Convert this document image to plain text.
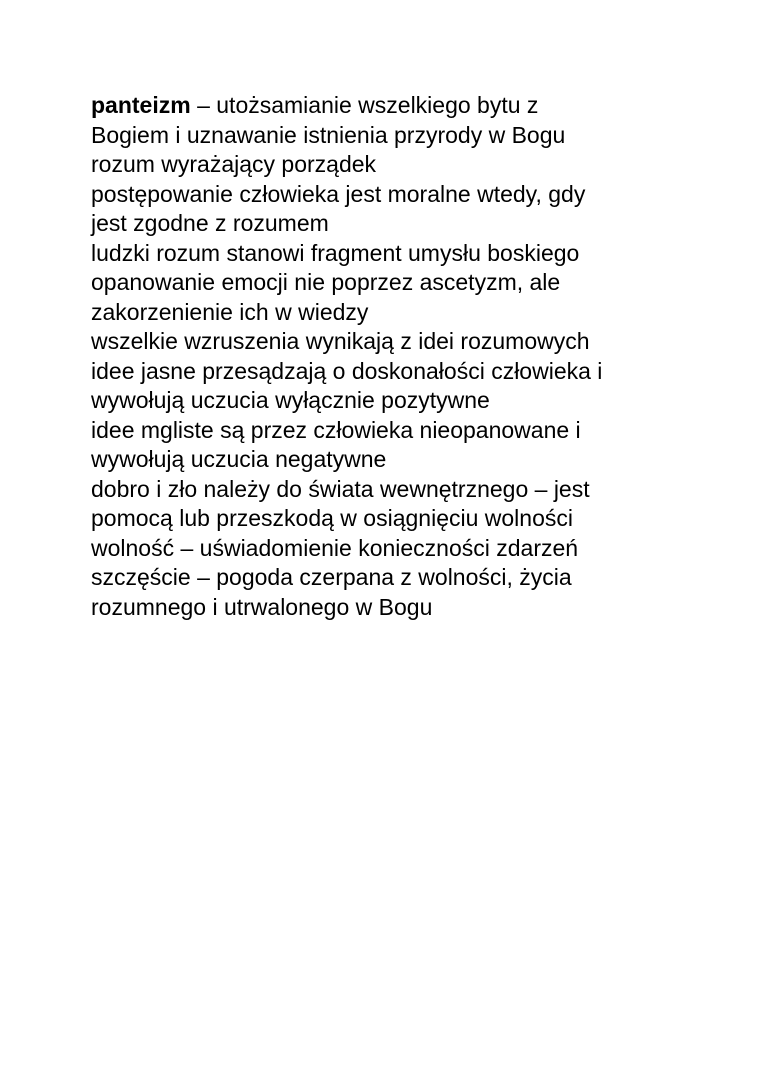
panteizm – utożsamianie wszelkiego bytu z

Bogiem i uznawanie istnienia przyrody w Bogu

rozum wyrażający porządek

postępowanie człowieka jest moralne wtedy, gdy

jest zgodne z rozumem

ludzki rozum stanowi fragment umysłu boskiego

opanowanie emocji nie poprzez ascetyzm, ale

zakorzenienie ich w wiedzy

wszelkie wzruszenia wynikają z idei rozumowych

idee jasne przesądzają o doskonałości człowieka i

wywołują uczucia wyłącznie pozytywne

idee mgliste są przez człowieka nieopanowane i

wywołują uczucia negatywne

dobro i zło należy do świata wewnętrznego – jest

pomocą lub przeszkodą w osiągnięciu wolności

wolność – uświadomienie konieczności zdarzeń

szczęście – pogoda czerpana z wolności, życia

rozumnego i utrwalonego w Bogu
